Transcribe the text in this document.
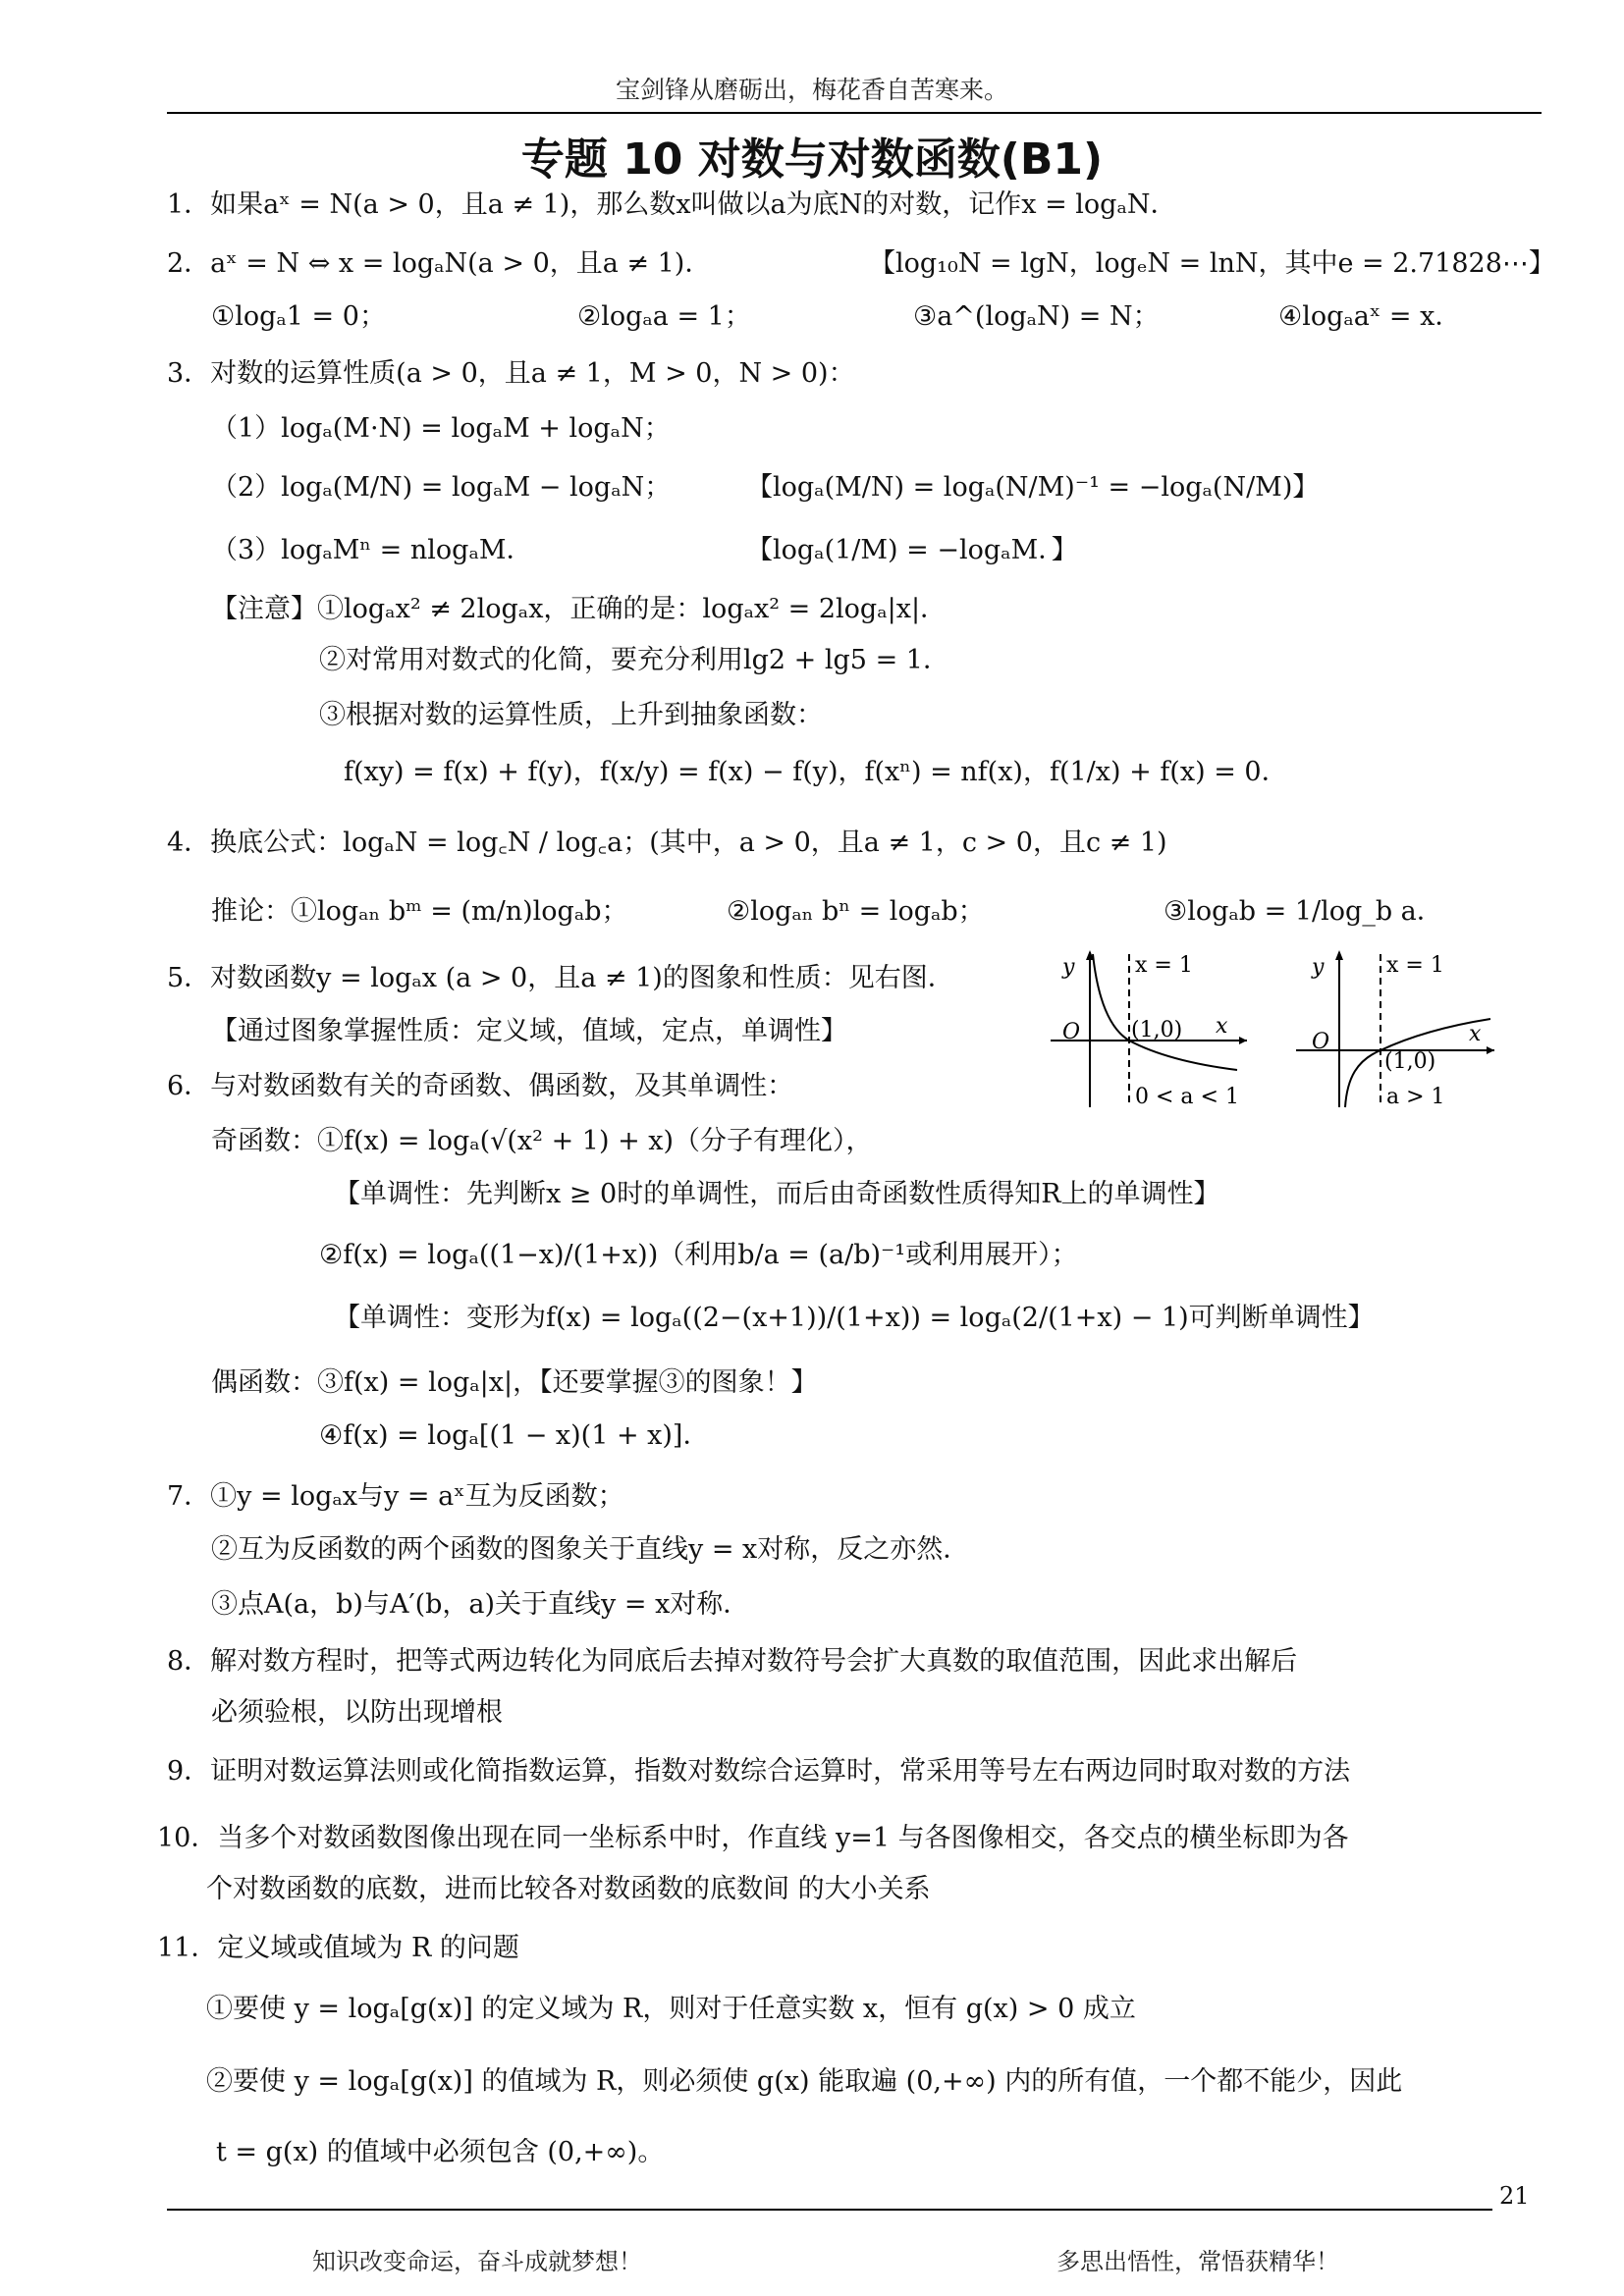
宝剑锋从磨砺出，梅花香自苦寒来。
专题 10 对数与对数函数(B1)
1．如果aˣ = N(a > 0，且a ≠ 1)，那么数x叫做以a为底N的对数，记作x = logₐN．
2．aˣ = N ⇔ x = logₐN(a > 0，且a ≠ 1)．	【log₁₀N = lgN，logₑN = lnN，其中e = 2.71828⋯】
①logₐ1 = 0；	②logₐa = 1；	③a^(logₐN) = N；	④logₐaˣ = x．
3．对数的运算性质(a > 0，且a ≠ 1，M > 0，N > 0)：
（1）logₐ(M·N) = logₐM + logₐN；
（2）logₐ(M/N) = logₐM − logₐN；	【logₐ(M/N) = logₐ(N/M)⁻¹ = −logₐ(N/M)】
（3）logₐMⁿ = nlogₐM．	【logₐ(1/M) = −logₐM．】
【注意】①logₐx² ≠ 2logₐx，正确的是：logₐx² = 2logₐ|x|．
②对常用对数式的化简，要充分利用lg2 + lg5 = 1．
③根据对数的运算性质，上升到抽象函数：
f(xy) = f(x) + f(y)，f(x/y) = f(x) − f(y)，f(xⁿ) = nf(x)，f(1/x) + f(x) = 0．
4．换底公式：logₐN = log꜀N / log꜀a；(其中，a > 0，且a ≠ 1，c > 0，且c ≠ 1)
推论：①logₐₙ bᵐ = (m/n)logₐb；	②logₐₙ bⁿ = logₐb；	③logₐb = 1/log_b a．
5．对数函数y = logₐx (a > 0，且a ≠ 1)的图象和性质：见右图．
【通过图象掌握性质：定义域，值域，定点，单调性】
6．与对数函数有关的奇函数、偶函数，及其单调性：
奇函数：①f(x) = logₐ(√(x² + 1) + x)（分子有理化），
【单调性：先判断x ≥ 0时的单调性，而后由奇函数性质得知R上的单调性】
②f(x) = logₐ((1−x)/(1+x))（利用b/a = (a/b)⁻¹或利用展开）；
【单调性：变形为f(x) = logₐ((2−(x+1))/(1+x)) = logₐ(2/(1+x) − 1)可判断单调性】
偶函数：③f(x) = logₐ|x|，【还要掌握③的图象！】
④f(x) = logₐ[(1 − x)(1 + x)]．
7．①y = logₐx与y = aˣ互为反函数；
②互为反函数的两个函数的图象关于直线y = x对称，反之亦然．
③点A(a，b)与A′(b，a)关于直线y = x对称．
8．解对数方程时，把等式两边转化为同底后去掉对数符号会扩大真数的取值范围，因此求出解后
必须验根，以防出现增根
9．证明对数运算法则或化简指数运算，指数对数综合运算时，常采用等号左右两边同时取对数的方法
10．当多个对数函数图像出现在同一坐标系中时，作直线 y=1 与各图像相交，各交点的横坐标即为各
个对数函数的底数，进而比较各对数函数的底数间 的大小关系
11．定义域或值域为 R 的问题
①要使 y = logₐ[g(x)] 的定义域为 R，则对于任意实数 x，恒有 g(x) > 0 成立
②要使 y = logₐ[g(x)] 的值域为 R，则必须使 g(x) 能取遍 (0,+∞) 内的所有值，一个都不能少，因此
t = g(x) 的值域中必须包含 (0,+∞)。
y	x = 1
O (1,0) x
0 < a < 1
y	x = 1
O
(1,0)
x
a > 1
21
知识改变命运，奋斗成就梦想！	多思出悟性，常悟获精华！
